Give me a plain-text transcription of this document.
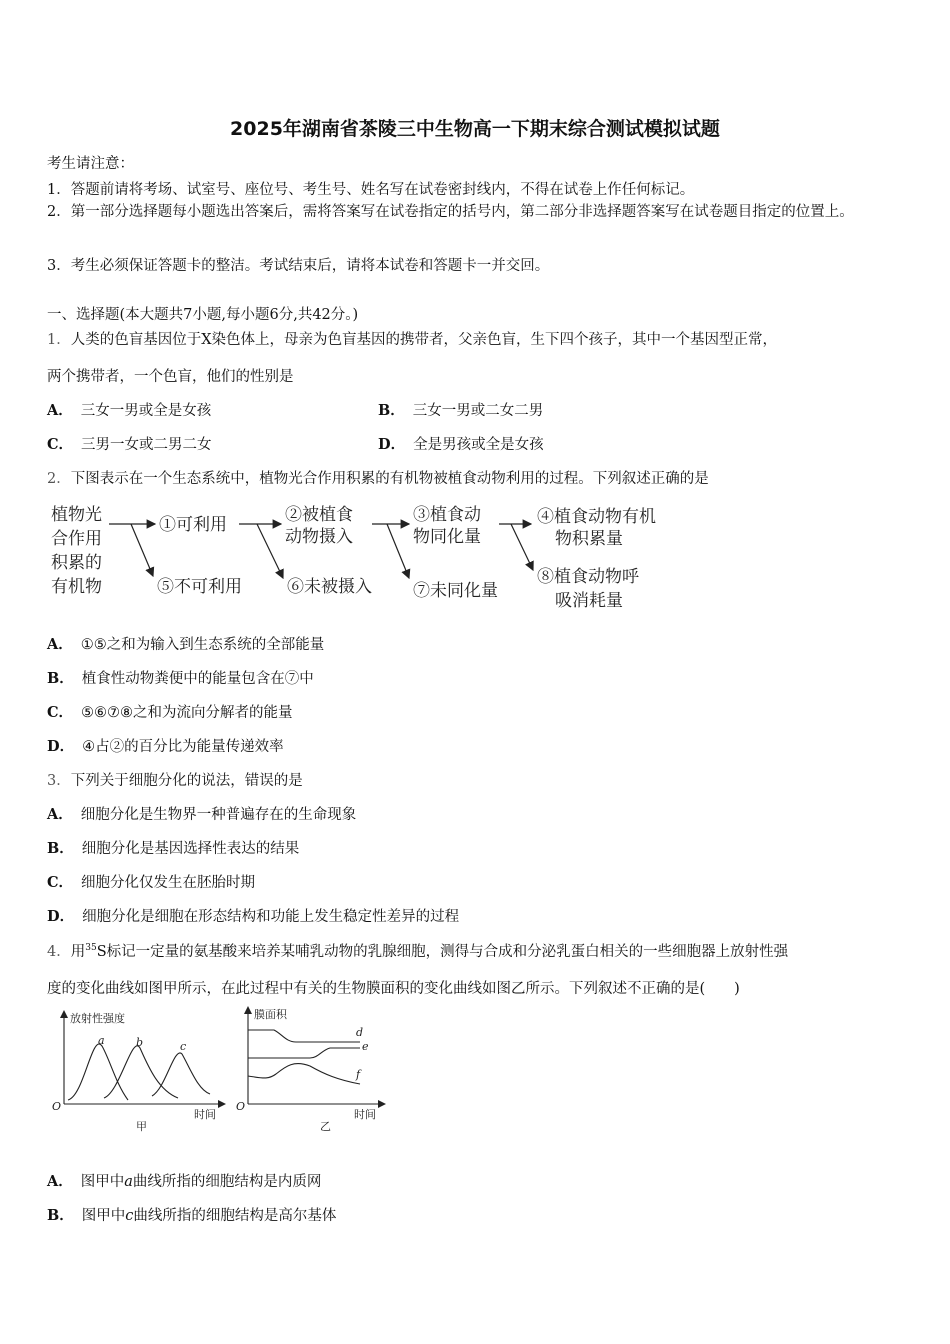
2025年湖南省茶陵三中生物高一下期末综合测试模拟试题
考生请注意：
1．答题前请将考场、试室号、座位号、考生号、姓名写在试卷密封线内，不得在试卷上作任何标记。
2．第一部分选择题每小题选出答案后，需将答案写在试卷指定的括号内，第二部分非选择题答案写在试卷题目指定的位置上。
3．考生必须保证答题卡的整洁。考试结束后，请将本试卷和答题卡一并交回。
一、选择题(本大题共7小题,每小题6分,共42分。)
1．人类的色盲基因位于X染色体上，母亲为色盲基因的携带者，父亲色盲，生下四个孩子，其中一个基因型正常，
两个携带者，一个色盲，他们的性别是
A． 三女一男或全是女孩	B． 三女一男或二女二男
C． 三男一女或二男二女	D． 全是男孩或全是女孩
2．下图表示在一个生态系统中，植物光合作用积累的有机物被植食动物利用的过程。下列叙述正确的是
植物光
合作用
积累的
有机物
①可利用
⑤不可利用
②被植食
动物摄入
⑥未被摄入
③植食动
物同化量
⑦未同化量
④植食动物有机
物积累量
⑧植食动物呼
吸消耗量
A． ①⑤之和为输入到生态系统的全部能量
B． 植食性动物粪便中的能量包含在⑦中
C． ⑤⑥⑦⑧之和为流向分解者的能量
D． ④占②的百分比为能量传递效率
3．下列关于细胞分化的说法，错误的是
A． 细胞分化是生物界一种普遍存在的生命现象
B． 细胞分化是基因选择性表达的结果
C． 细胞分化仅发生在胚胎时期
D． 细胞分化是细胞在形态结构和功能上发生稳定性差异的过程
4．用$^{35}$S标记一定量的氨基酸来培养某哺乳动物的乳腺细胞，测得与合成和分泌乳蛋白相关的一些细胞器上放射性强
度的变化曲线如图甲所示，在此过程中有关的生物膜面积的变化曲线如图乙所示。下列叙述不正确的是(　　)
放射性强度
a	b	c
O
时间
甲
膜面积
d
e
f
O
时间
乙
A． 图甲中a曲线所指的细胞结构是内质网
B． 图甲中c曲线所指的细胞结构是高尔基体
